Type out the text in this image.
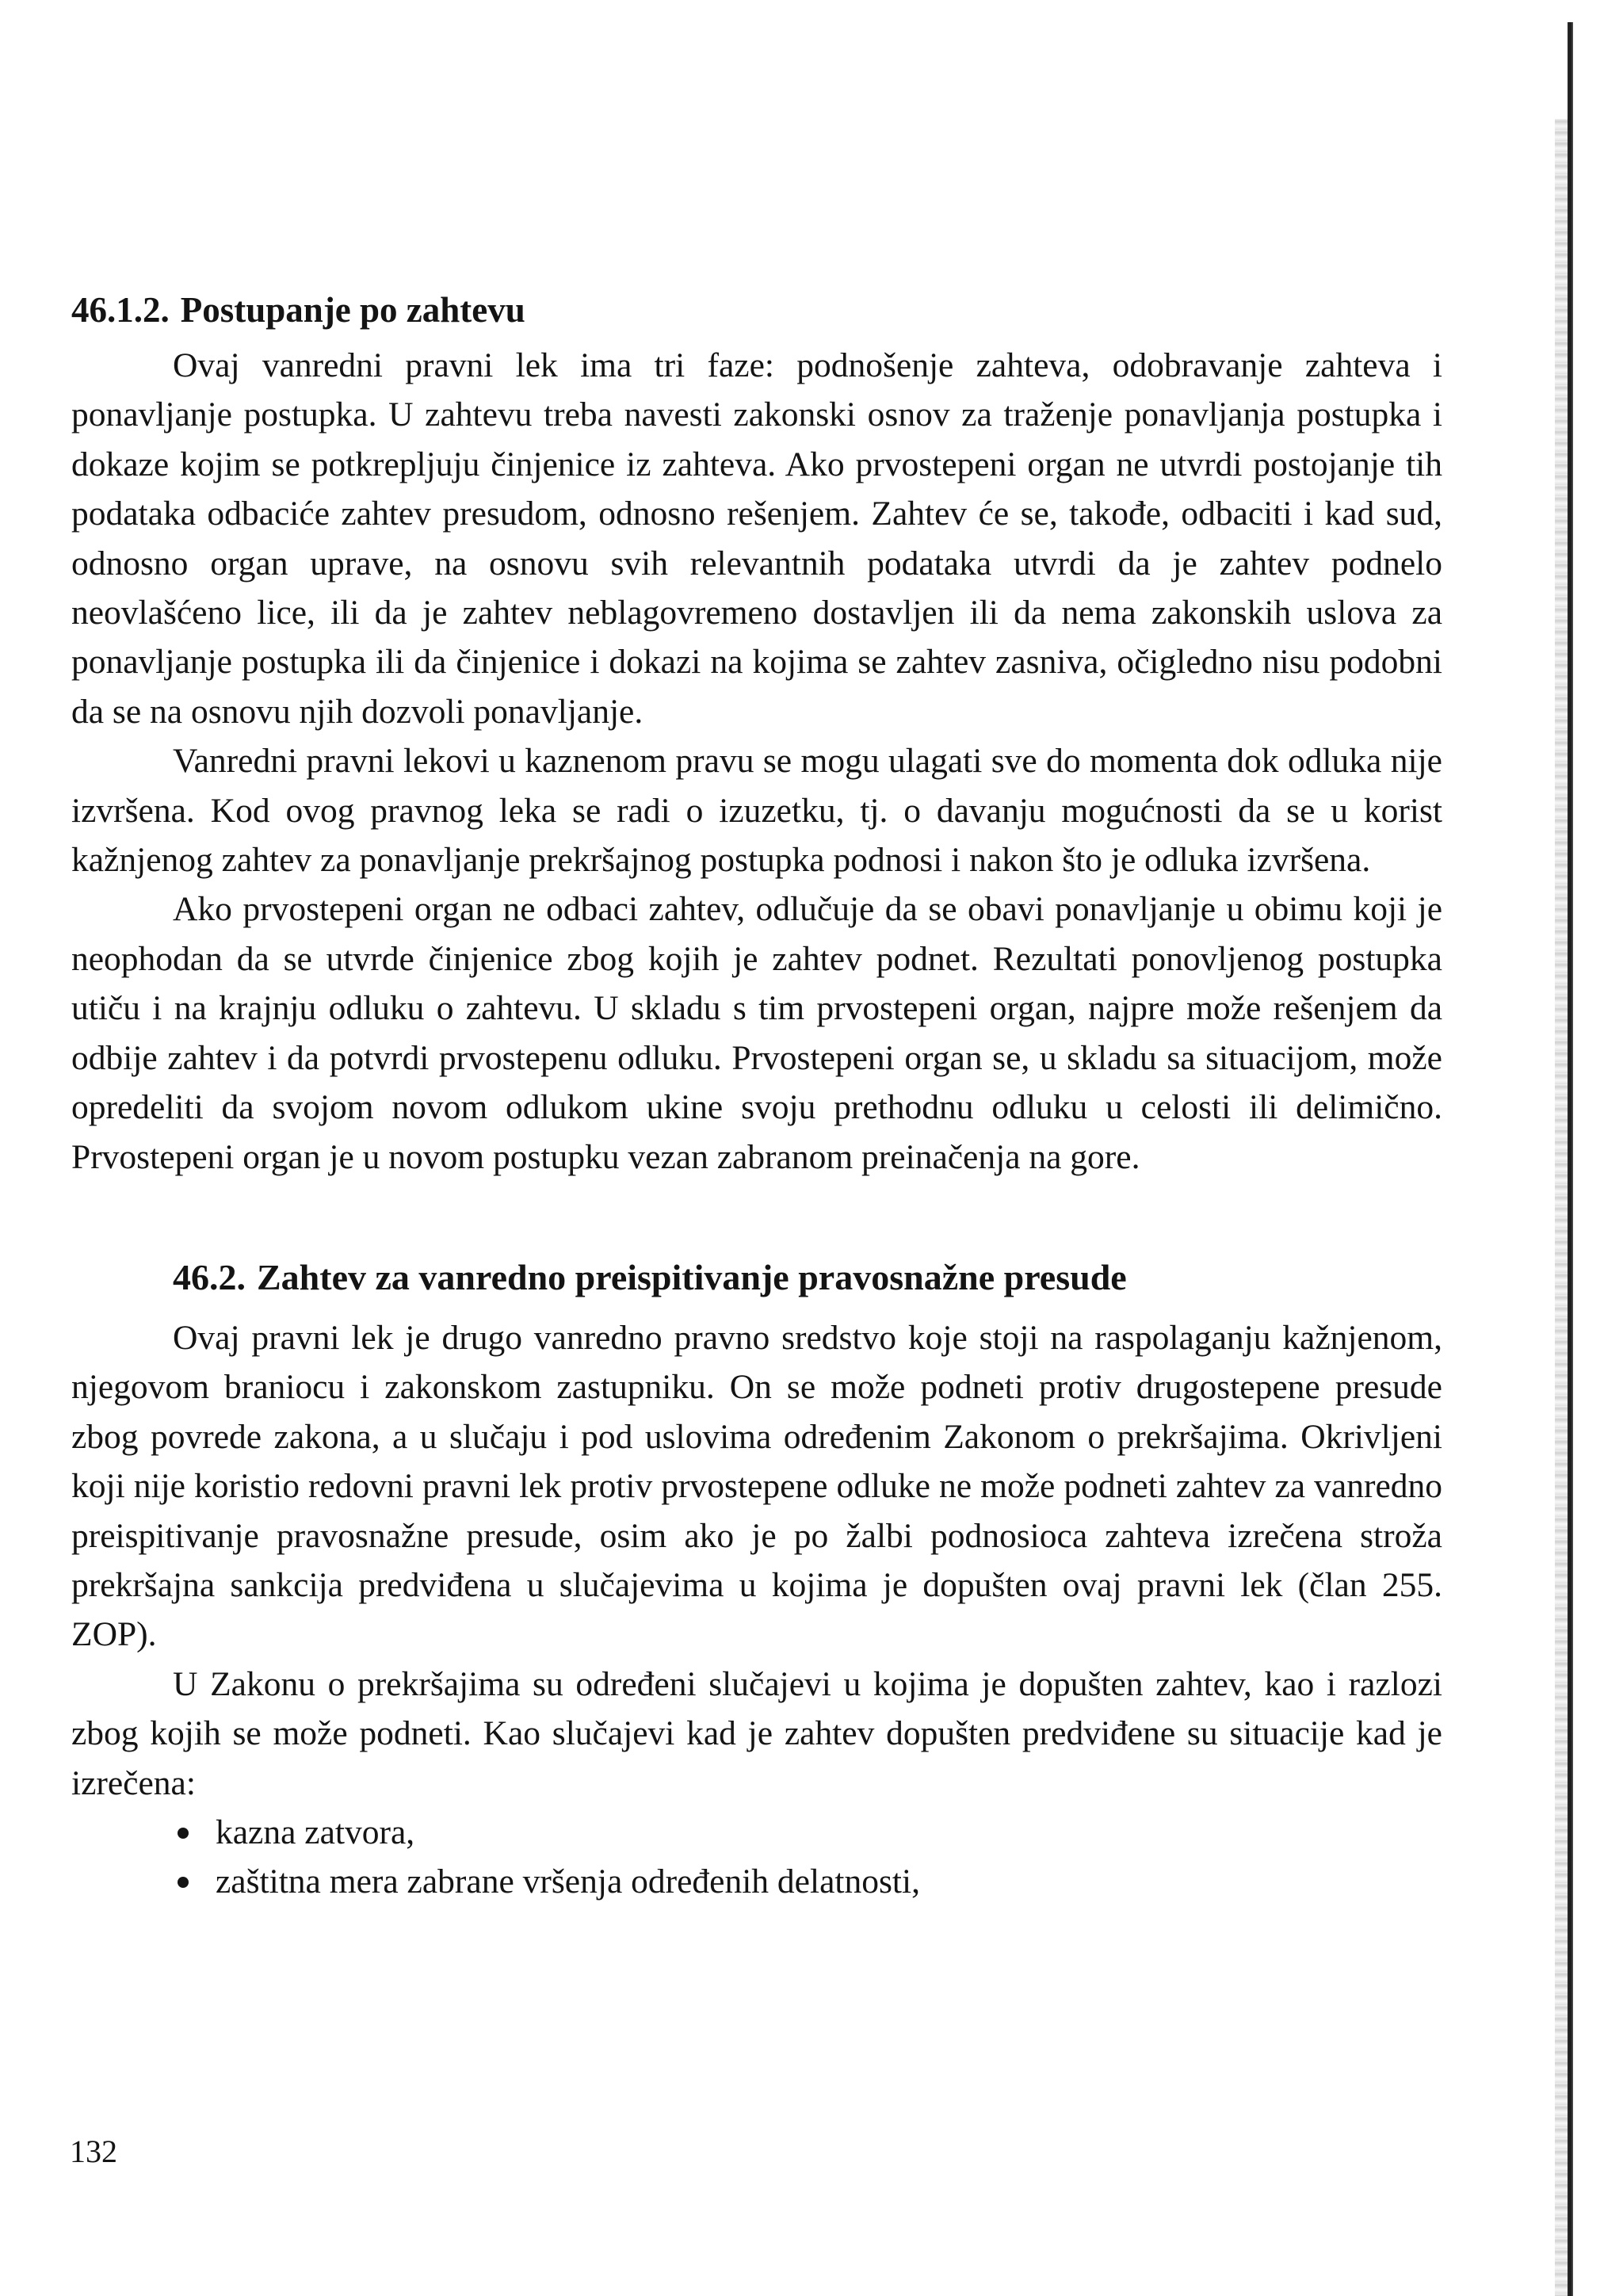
46.1.2. Postupanje po zahtevu

Ovaj vanredni pravni lek ima tri faze: podnošenje zahteva, odobravanje zahteva i ponavljanje postupka. U zahtevu treba navesti zakonski osnov za traženje ponavljanja postupka i dokaze kojim se potkrepljuju činjenice iz zahteva. Ako prvostepeni organ ne utvrdi postojanje tih podataka odbaciće zahtev presudom, odnosno rešenjem. Zahtev će se, takođe, odbaciti i kad sud, odnosno organ uprave, na osnovu svih relevantnih podataka utvrdi da je zahtev podnelo neovlašćeno lice, ili da je zahtev neblagovremeno dostavljen ili da nema zakonskih uslova za ponavljanje postupka ili da činjenice i dokazi na kojima se zahtev zasniva, očigledno nisu podobni da se na osnovu njih dozvoli ponavljanje.

Vanredni pravni lekovi u kaznenom pravu se mogu ulagati sve do momenta dok odluka nije izvršena. Kod ovog pravnog leka se radi o izuzetku, tj. o davanju mogućnosti da se u korist kažnjenog zahtev za ponavljanje prekršajnog postupka podnosi i nakon što je odluka izvršena.

Ako prvostepeni organ ne odbaci zahtev, odlučuje da se obavi ponavljanje u obimu koji je neophodan da se utvrde činjenice zbog kojih je zahtev podnet. Rezultati ponovljenog postupka utiču i na krajnju odluku o zahtevu. U skladu s tim prvostepeni organ, najpre može rešenjem da odbije zahtev i da potvrdi prvostepenu odluku. Prvostepeni organ se, u skladu sa situacijom, može opredeliti da svojom novom odlukom ukine svoju prethodnu odluku u celosti ili delimično. Prvostepeni organ je u novom postupku vezan zabranom preinačenja na gore.

46.2. Zahtev za vanredno preispitivanje pravosnažne presude

Ovaj pravni lek je drugo vanredno pravno sredstvo koje stoji na raspolaganju kažnjenom, njegovom braniocu i zakonskom zastupniku. On se može podneti protiv drugostepene presude zbog povrede zakona, a u slučaju i pod uslovima određenim Zakonom o prekršajima. Okrivljeni koji nije koristio redovni pravni lek protiv prvostepene odluke ne može podneti zahtev za vanredno preispitivanje pravosnažne presude, osim ako je po žalbi podnosioca zahteva izrečena stroža prekršajna sankcija predviđena u slučajevima u kojima je dopušten ovaj pravni lek (član 255. ZOP).

U Zakonu o prekršajima su određeni slučajevi u kojima je dopušten zahtev, kao i razlozi zbog kojih se može podneti. Kao slučajevi kad je zahtev dopušten predviđene su situacije kad je izrečena:

kazna zatvora,
zaštitna mera zabrane vršenja određenih delatnosti,
132
